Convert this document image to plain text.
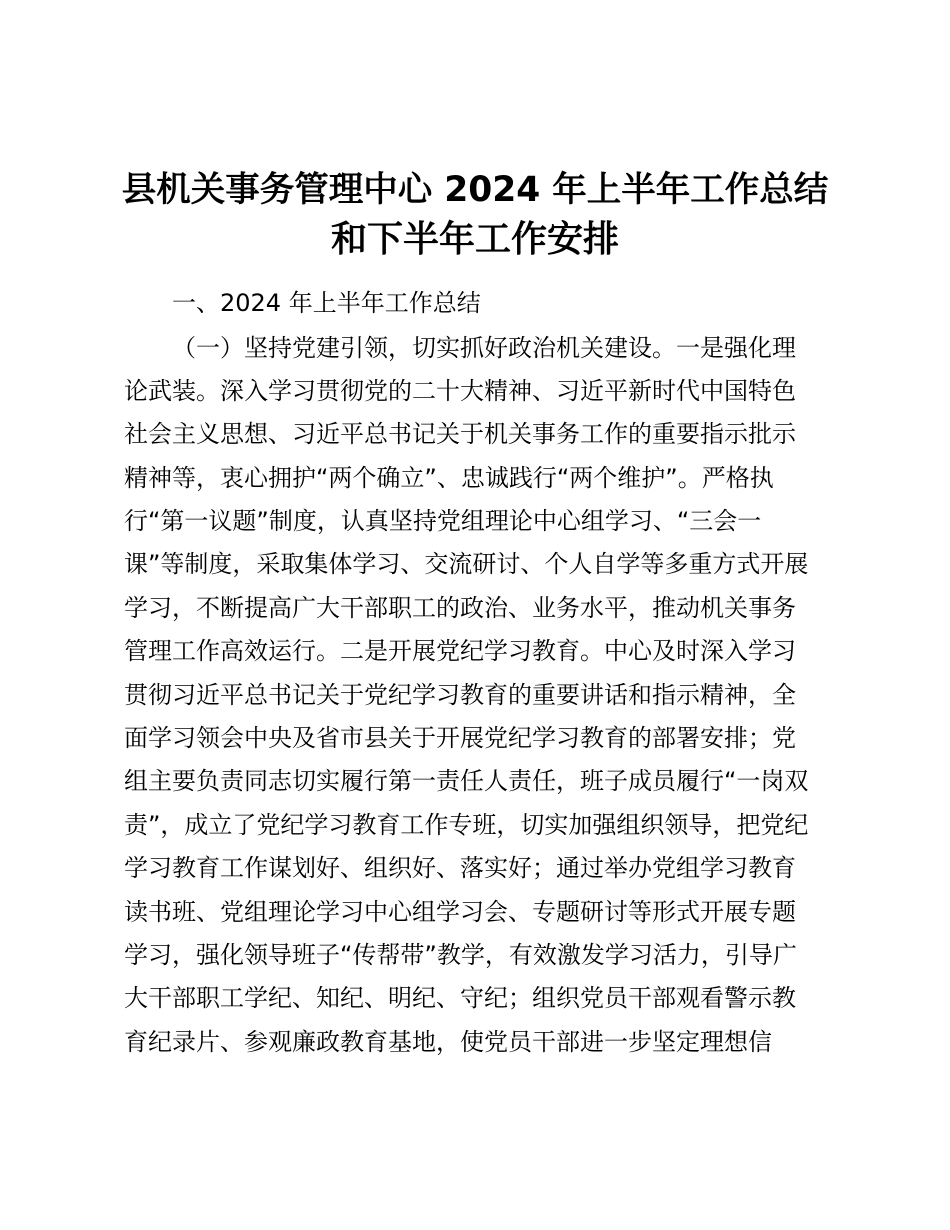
县机关事务管理中心 2024 年上半年工作总结
和下半年工作安排
一、2024 年上半年工作总结
（一）坚持党建引领，切实抓好政治机关建设。一是强化理
论武装。深入学习贯彻党的二十大精神、习近平新时代中国特色
社会主义思想、习近平总书记关于机关事务工作的重要指示批示
精神等，衷心拥护“两个确立”、忠诚践行“两个维护”。严格执
行“第一议题”制度，认真坚持党组理论中心组学习、“三会一
课”等制度，采取集体学习、交流研讨、个人自学等多重方式开展
学习，不断提高广大干部职工的政治、业务水平，推动机关事务
管理工作高效运行。二是开展党纪学习教育。中心及时深入学习
贯彻习近平总书记关于党纪学习教育的重要讲话和指示精神，全
面学习领会中央及省市县关于开展党纪学习教育的部署安排；党
组主要负责同志切实履行第一责任人责任，班子成员履行“一岗双
责”，成立了党纪学习教育工作专班，切实加强组织领导，把党纪
学习教育工作谋划好、组织好、落实好；通过举办党组学习教育
读书班、党组理论学习中心组学习会、专题研讨等形式开展专题
学习，强化领导班子“传帮带”教学，有效激发学习活力，引导广
大干部职工学纪、知纪、明纪、守纪；组织党员干部观看警示教
育纪录片、参观廉政教育基地，使党员干部进一步坚定理想信
